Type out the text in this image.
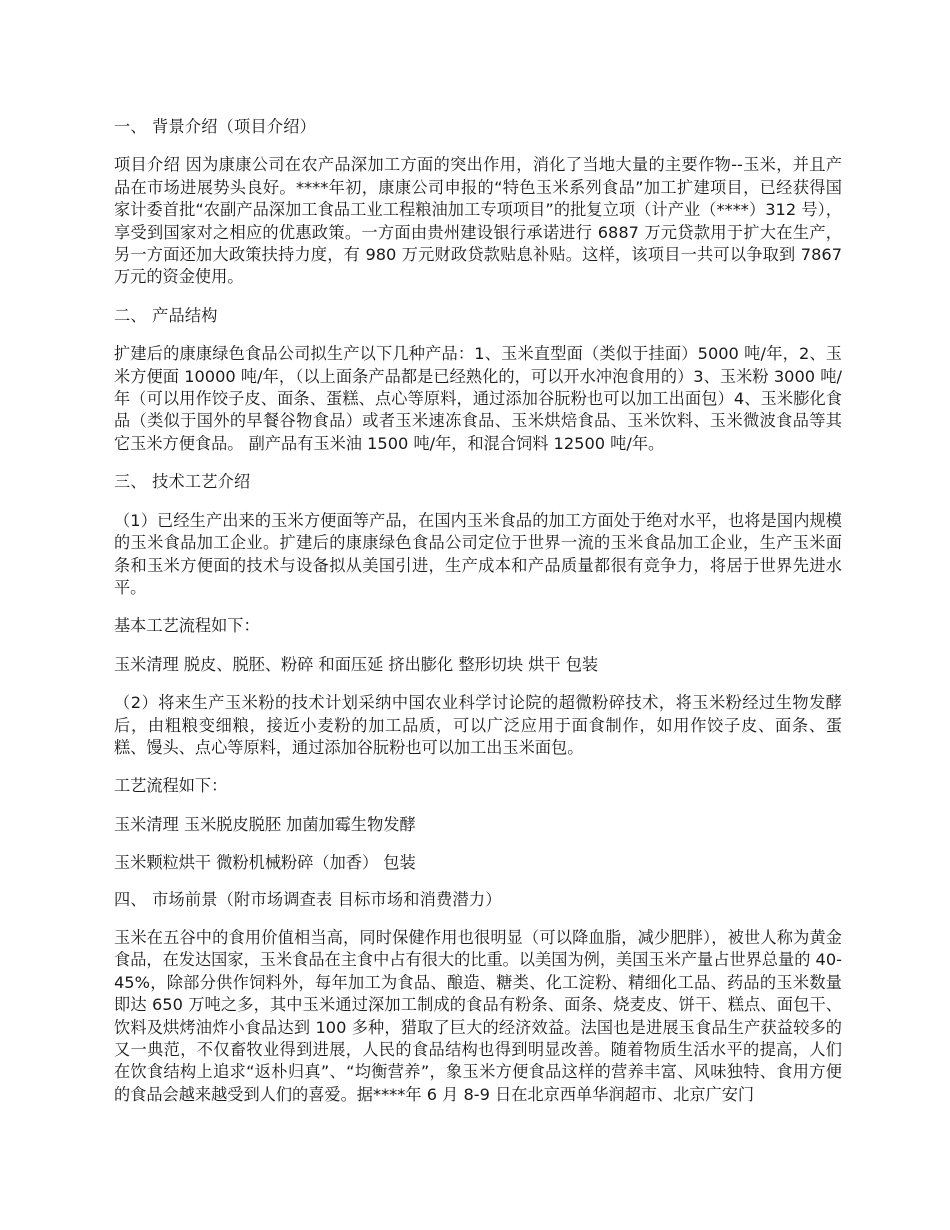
一、 背景介绍（项目介绍）
项目介绍 因为康康公司在农产品深加工方面的突出作用，消化了当地大量的主要作物--玉米，并且产品在市场进展势头良好。****年初，康康公司申报的“特色玉米系列食品”加工扩建项目，已经获得国家计委首批“农副产品深加工食品工业工程粮油加工专项项目”的批复立项（计产业（****）312 号），享受到国家对之相应的优惠政策。一方面由贵州建设银行承诺进行 6887 万元贷款用于扩大在生产，另一方面还加大政策扶持力度，有 980 万元财政贷款贴息补贴。这样，该项目一共可以争取到 7867 万元的资金使用。
二、 产品结构
扩建后的康康绿色食品公司拟生产以下几种产品：1、玉米直型面（类似于挂面）5000 吨/年，2、玉米方便面 10000 吨/年，（以上面条产品都是已经熟化的，可以开水冲泡食用的）3、玉米粉 3000 吨/年（可以用作饺子皮、面条、蛋糕、点心等原料，通过添加谷朊粉也可以加工出面包）4、玉米膨化食品（类似于国外的早餐谷物食品）或者玉米速冻食品、玉米烘焙食品、玉米饮料、玉米微波食品等其它玉米方便食品。 副产品有玉米油 1500 吨/年，和混合饲料 12500 吨/年。
三、 技术工艺介绍
（1）已经生产出来的玉米方便面等产品，在国内玉米食品的加工方面处于绝对水平，也将是国内规模的玉米食品加工企业。扩建后的康康绿色食品公司定位于世界一流的玉米食品加工企业，生产玉米面条和玉米方便面的技术与设备拟从美国引进，生产成本和产品质量都很有竞争力，将居于世界先进水平。
基本工艺流程如下：
玉米清理 脱皮、脱胚、粉碎 和面压延 挤出膨化 整形切块 烘干 包装
（2）将来生产玉米粉的技术计划采纳中国农业科学讨论院的超微粉碎技术，将玉米粉经过生物发酵后，由粗粮变细粮，接近小麦粉的加工品质，可以广泛应用于面食制作，如用作饺子皮、面条、蛋糕、馒头、点心等原料，通过添加谷朊粉也可以加工出玉米面包。
工艺流程如下：
玉米清理 玉米脱皮脱胚 加菌加霉生物发酵
玉米颗粒烘干 微粉机械粉碎（加香） 包装
四、 市场前景（附市场调查表 目标市场和消费潜力）
玉米在五谷中的食用价值相当高，同时保健作用也很明显（可以降血脂，减少肥胖），被世人称为黄金食品，在发达国家，玉米食品在主食中占有很大的比重。以美国为例，美国玉米产量占世界总量的 40-45%，除部分供作饲料外，每年加工为食品、酿造、糖类、化工淀粉、精细化工品、药品的玉米数量即达 650 万吨之多，其中玉米通过深加工制成的食品有粉条、面条、烧麦皮、饼干、糕点、面包干、饮料及烘烤油炸小食品达到 100 多种，猎取了巨大的经济效益。法国也是进展玉食品生产获益较多的又一典范，不仅畜牧业得到进展，人民的食品结构也得到明显改善。随着物质生活水平的提高，人们在饮食结构上追求“返朴归真”、“均衡营养”，象玉米方便食品这样的营养丰富、风味独特、食用方便的食品会越来越受到人们的喜爱。据****年 6 月 8-9 日在北京西单华润超市、北京广安门
